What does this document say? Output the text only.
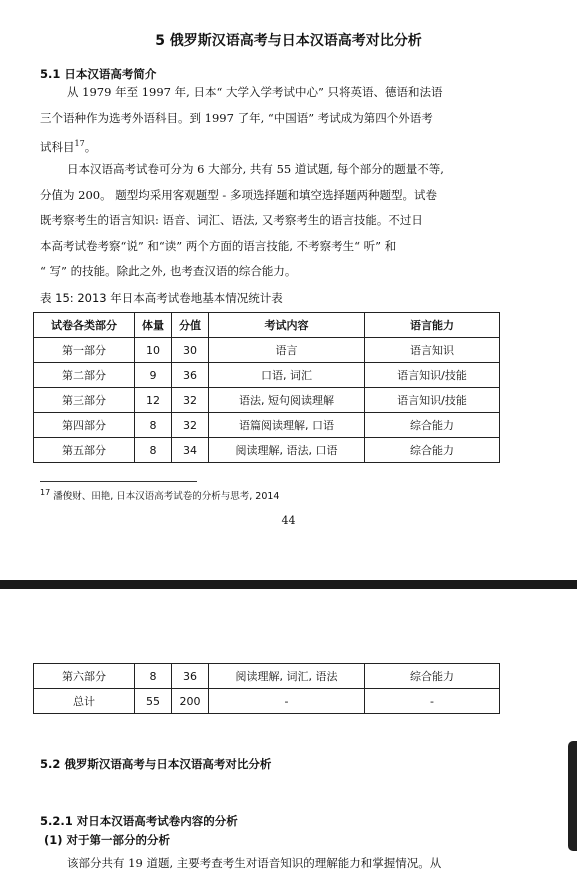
5 俄罗斯汉语高考与日本汉语高考对比分析
5.1 日本汉语高考简介

从 1979 年至 1997 年, 日本“ 大学入学考试中心” 只将英语、德语和法语
三个语种作为选考外语科目。到 1997 了年, “中国语” 考试成为第四个外语考
试科目$^{17}$。

日本汉语高考试卷可分为 6 大部分, 共有 55 道试题, 每个部分的题量不等,
分值为 200。 题型均采用客观题型 - 多项选择题和填空选择题两种题型。试卷
既考察考生的语言知识: 语音、词汇、语法, 又考察考生的语言技能。不过日
本高考试卷考察“说” 和“读” 两个方面的语言技能, 不考察考生“ 听” 和
“ 写” 的技能。除此之外, 也考查汉语的综合能力。

表 15: 2013 年日本高考试卷地基本情况统计表
试卷各类部分	体量	分值	考试内容	语言能力
第一部分	10	30	语言	语言知识
第二部分	9	36	口语, 词汇	语言知识/技能
第三部分	12	32	语法, 短句阅读理解	语言知识/技能
第四部分	8	32	语篇阅读理解, 口语	综合能力
第五部分	8	34	阅读理解, 语法, 口语	综合能力
$^{17}$ 潘俊财、田艳, 日本汉语高考试卷的分析与思考, 2014
44
第六部分	8	36	阅读理解, 词汇, 语法	综合能力
总计	55	200	-	-
5.2 俄罗斯汉语高考与日本汉语高考对比分析
5.2.1 对日本汉语高考试卷内容的分析
(1) 对于第一部分的分析
该部分共有 19 道题, 主要考查考生对语音知识的理解能力和掌握情况。从
